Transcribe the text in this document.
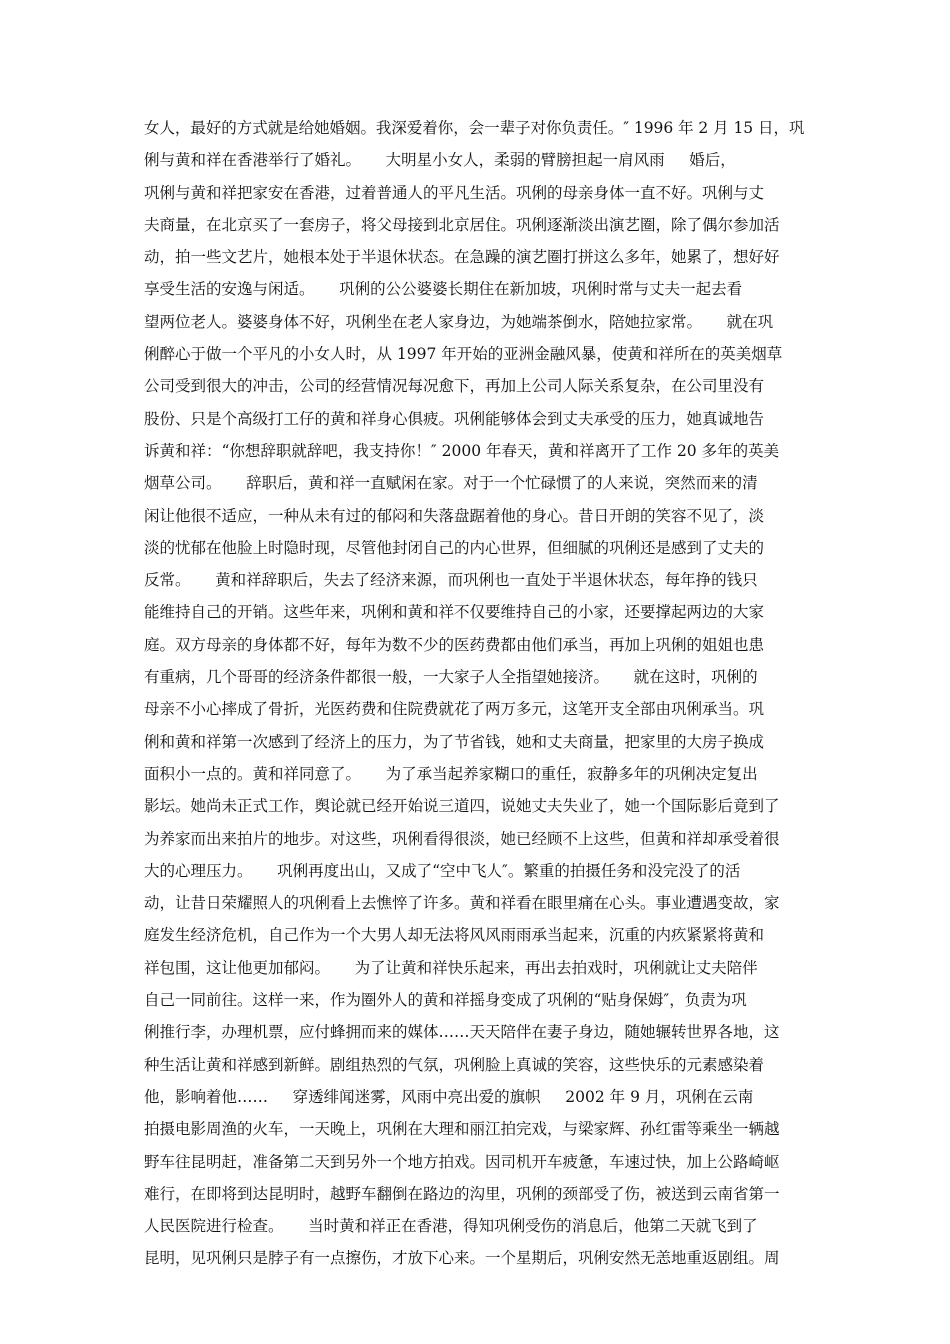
女人，最好的方式就是给她婚姻。我深爱着你，会一辈子对你负责任。″ 1996 年 2 月 15 日，巩
俐与黄和祥在香港举行了婚礼。     大明星小女人，柔弱的臂膀担起一肩风雨     婚后，
巩俐与黄和祥把家安在香港，过着普通人的平凡生活。巩俐的母亲身体一直不好。巩俐与丈
夫商量，在北京买了一套房子，将父母接到北京居住。巩俐逐渐淡出演艺圈，除了偶尔参加活
动，拍一些文艺片，她根本处于半退休状态。在急躁的演艺圈打拼这么多年，她累了，想好好
享受生活的安逸与闲适。     巩俐的公公婆婆长期住在新加坡，巩俐时常与丈夫一起去看
望两位老人。婆婆身体不好，巩俐坐在老人家身边，为她端茶倒水，陪她拉家常。     就在巩
俐醉心于做一个平凡的小女人时，从 1997 年开始的亚洲金融风暴，使黄和祥所在的英美烟草
公司受到很大的冲击，公司的经营情况每况愈下，再加上公司人际关系复杂，在公司里没有
股份、只是个高级打工仔的黄和祥身心俱疲。巩俐能够体会到丈夫承受的压力，她真诚地告
诉黄和祥：“你想辞职就辞吧，我支持你！″ 2000 年春天，黄和祥离开了工作 20 多年的英美
烟草公司。     辞职后，黄和祥一直赋闲在家。对于一个忙碌惯了的人来说，突然而来的清
闲让他很不适应，一种从未有过的郁闷和失落盘踞着他的身心。昔日开朗的笑容不见了，淡
淡的忧郁在他脸上时隐时现，尽管他封闭自己的内心世界，但细腻的巩俐还是感到了丈夫的
反常。     黄和祥辞职后，失去了经济来源，而巩俐也一直处于半退休状态，每年挣的钱只
能维持自己的开销。这些年来，巩俐和黄和祥不仅要维持自己的小家，还要撑起两边的大家
庭。双方母亲的身体都不好，每年为数不少的医药费都由他们承当，再加上巩俐的姐姐也患
有重病，几个哥哥的经济条件都很一般，一大家子人全指望她接济。     就在这时，巩俐的
母亲不小心摔成了骨折，光医药费和住院费就花了两万多元，这笔开支全部由巩俐承当。巩
俐和黄和祥第一次感到了经济上的压力，为了节省钱，她和丈夫商量，把家里的大房子换成
面积小一点的。黄和祥同意了。     为了承当起养家糊口的重任，寂静多年的巩俐决定复出
影坛。她尚未正式工作，舆论就已经开始说三道四，说她丈夫失业了，她一个国际影后竟到了
为养家而出来拍片的地步。对这些，巩俐看得很淡，她已经顾不上这些，但黄和祥却承受着很
大的心理压力。     巩俐再度出山，又成了“空中飞人″。繁重的拍摄任务和没完没了的活
动，让昔日荣耀照人的巩俐看上去憔悴了许多。黄和祥看在眼里痛在心头。事业遭遇变故，家
庭发生经济危机，自己作为一个大男人却无法将风风雨雨承当起来，沉重的内疚紧紧将黄和
祥包围，这让他更加郁闷。     为了让黄和祥快乐起来，再出去拍戏时，巩俐就让丈夫陪伴
自己一同前往。这样一来，作为圈外人的黄和祥摇身变成了巩俐的“贴身保姆″，负责为巩
俐推行李，办理机票，应付蜂拥而来的媒体……天天陪伴在妻子身边，随她辗转世界各地，这
种生活让黄和祥感到新鲜。剧组热烈的气氛，巩俐脸上真诚的笑容，这些快乐的元素感染着
他，影响着他……     穿透绯闻迷雾，风雨中亮出爱的旗帜     2002 年 9 月，巩俐在云南
拍摄电影周渔的火车，一天晚上，巩俐在大理和丽江拍完戏，与梁家辉、孙红雷等乘坐一辆越
野车往昆明赶，准备第二天到另外一个地方拍戏。因司机开车疲惫，车速过快，加上公路崎岖
难行，在即将到达昆明时，越野车翻倒在路边的沟里，巩俐的颈部受了伤，被送到云南省第一
人民医院进行检查。     当时黄和祥正在香港，得知巩俐受伤的消息后，他第二天就飞到了
昆明，见巩俐只是脖子有一点擦伤，才放下心来。一个星期后，巩俐安然无恙地重返剧组。周
